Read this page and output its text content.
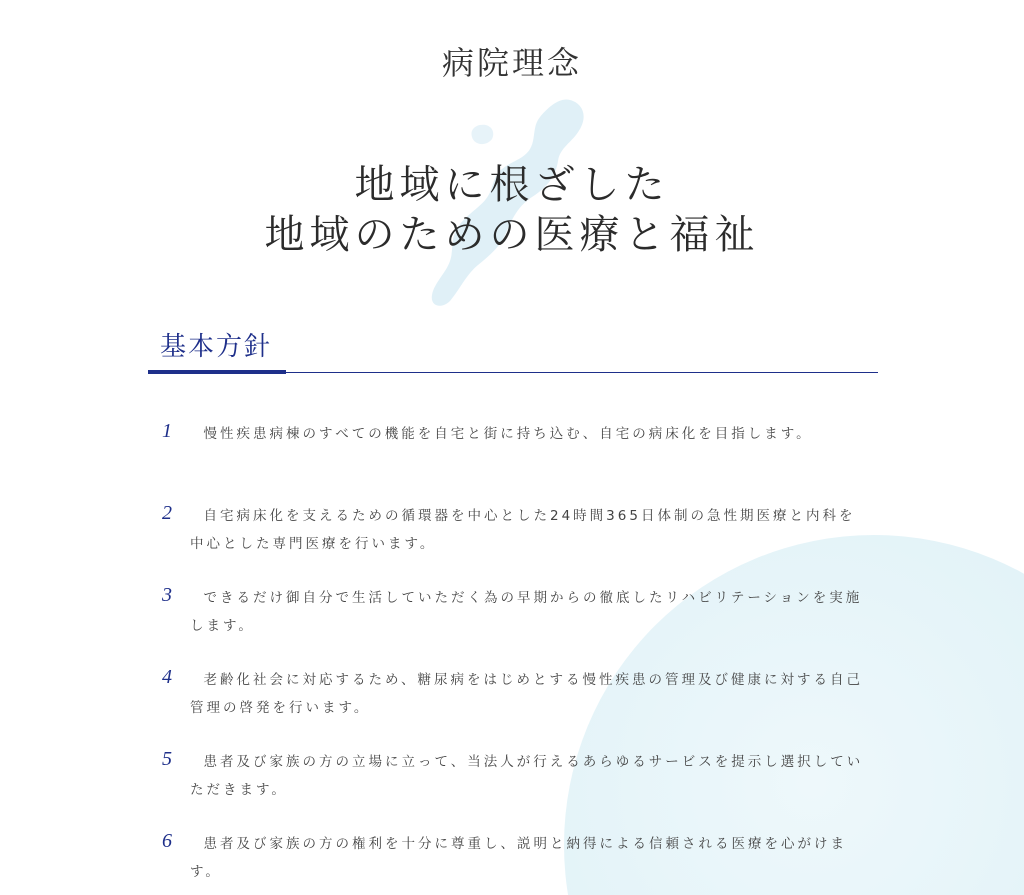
病院理念
地域に根ざした
地域のための医療と福祉
基本方針
1	慢性疾患病棟のすべての機能を自宅と街に持ち込む、自宅の病床化を目指します。
2	自宅病床化を支えるための循環器を中心とした24時間365日体制の急性期医療と内科を中心とした専門医療を行います。
3	できるだけ御自分で生活していただく為の早期からの徹底したリハビリテーションを実施します。
4	老齢化社会に対応するため、糖尿病をはじめとする慢性疾患の管理及び健康に対する自己管理の啓発を行います。
5	患者及び家族の方の立場に立って、当法人が行えるあらゆるサービスを提示し選択していただきます。
6	患者及び家族の方の権利を十分に尊重し、説明と納得による信頼される医療を心がけます。
